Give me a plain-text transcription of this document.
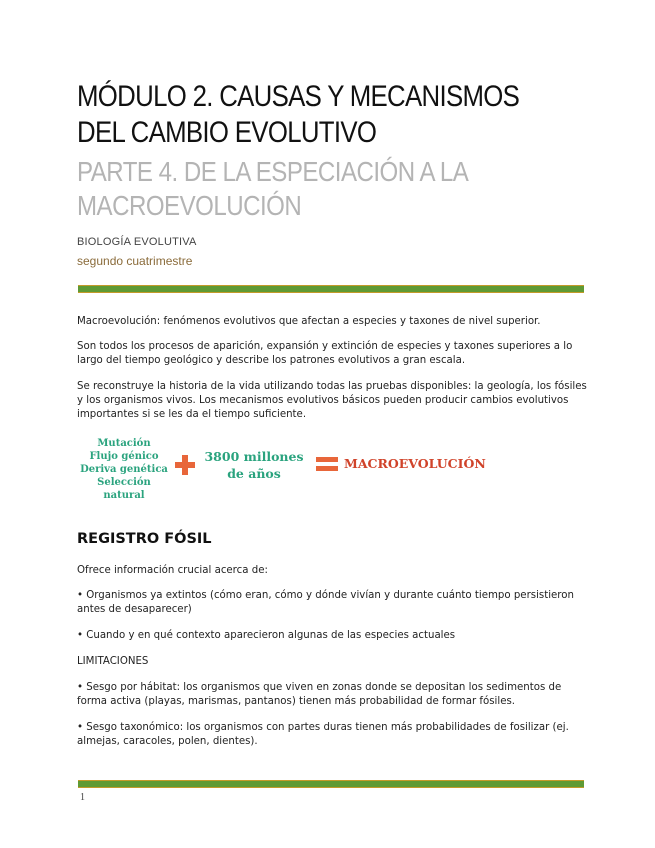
MÓDULO 2. CAUSAS Y MECANISMOS DEL CAMBIO EVOLUTIVO
PARTE 4. DE LA ESPECIACIÓN A LA MACROEVOLUCIÓN
BIOLOGÍA EVOLUTIVA
segundo cuatrimestre
Macroevolución: fenómenos evolutivos que afectan a especies y taxones de nivel superior.
Son todos los procesos de aparición, expansión y extinción de especies y taxones superiores a lo largo del tiempo geológico y describe los patrones evolutivos a gran escala.
Se reconstruye la historia de la vida utilizando todas las pruebas disponibles: la geología, los fósiles y los organismos vivos. Los mecanismos evolutivos básicos pueden producir cambios evolutivos importantes si se les da el tiempo suficiente.
Mutación
Flujo génico
Deriva genética
Selección natural
3800 millones
de años
MACROEVOLUCIÓN
REGISTRO FÓSIL
Ofrece información crucial acerca de:
• Organismos ya extintos (cómo eran, cómo y dónde vivían y durante cuánto tiempo persistieron antes de desaparecer)
• Cuando y en qué contexto aparecieron algunas de las especies actuales
LIMITACIONES
• Sesgo por hábitat: los organismos que viven en zonas donde se depositan los sedimentos de forma activa (playas, marismas, pantanos) tienen más probabilidad de formar fósiles.
• Sesgo taxonómico: los organismos con partes duras tienen más probabilidades de fosilizar (ej. almejas, caracoles, polen, dientes).
1
